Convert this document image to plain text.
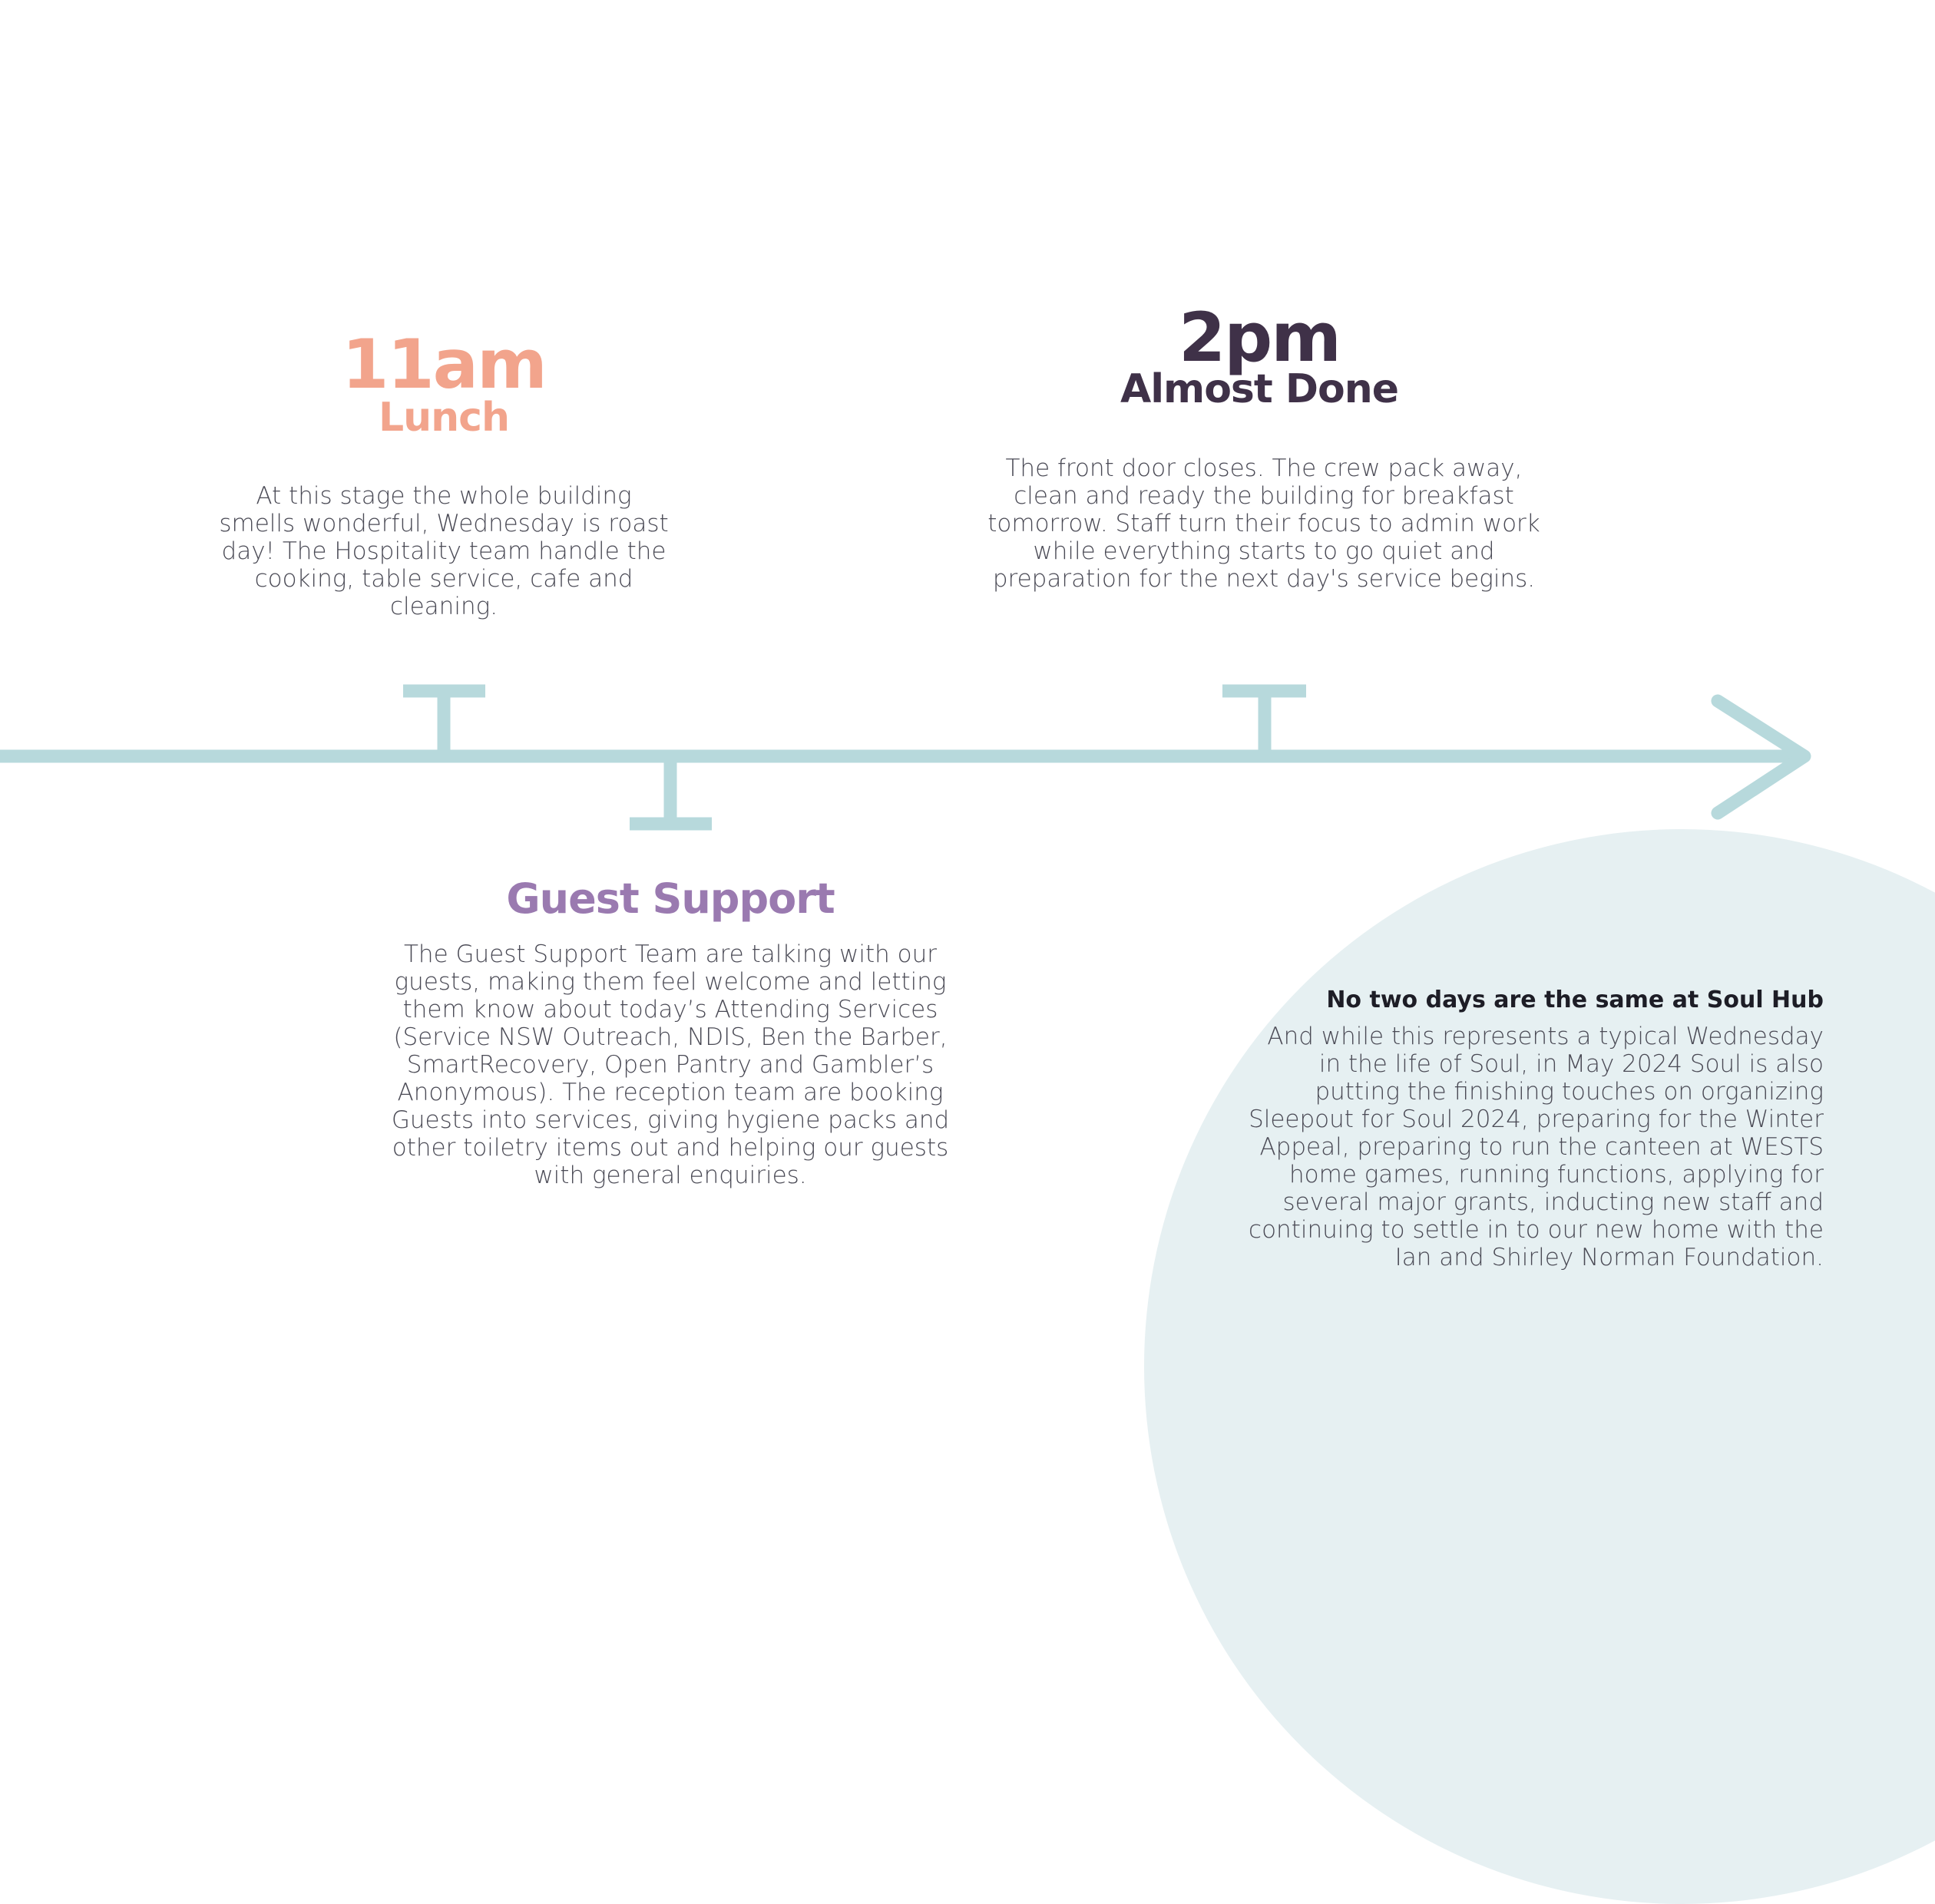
11am
Lunch

At this stage the whole building smells wonderful, Wednesday is roast day! The Hospitality team handle the cooking, table service, cafe and cleaning.

2pm
Almost Done

The front door closes. The crew pack away, clean and ready the building for breakfast tomorrow. Staff turn their focus to admin work while everything starts to go quiet and preparation for the next day's service begins.

Guest Support

The Guest Support Team are talking with our guests, making them feel welcome and letting them know about today’s Attending Services (Service NSW Outreach, NDIS, Ben the Barber, SmartRecovery, Open Pantry and Gambler’s Anonymous). The reception team are booking Guests into services, giving hygiene packs and other toiletry items out and helping our guests with general enquiries.

No two days are the same at Soul Hub

And while this represents a typical Wednesday in the life of Soul, in May 2024 Soul is also putting the finishing touches on organizing Sleepout for Soul 2024, preparing for the Winter Appeal, preparing to run the canteen at WESTS home games, running functions, applying for several major grants, inducting new staff and continuing to settle in to our new home with the Ian and Shirley Norman Foundation.
